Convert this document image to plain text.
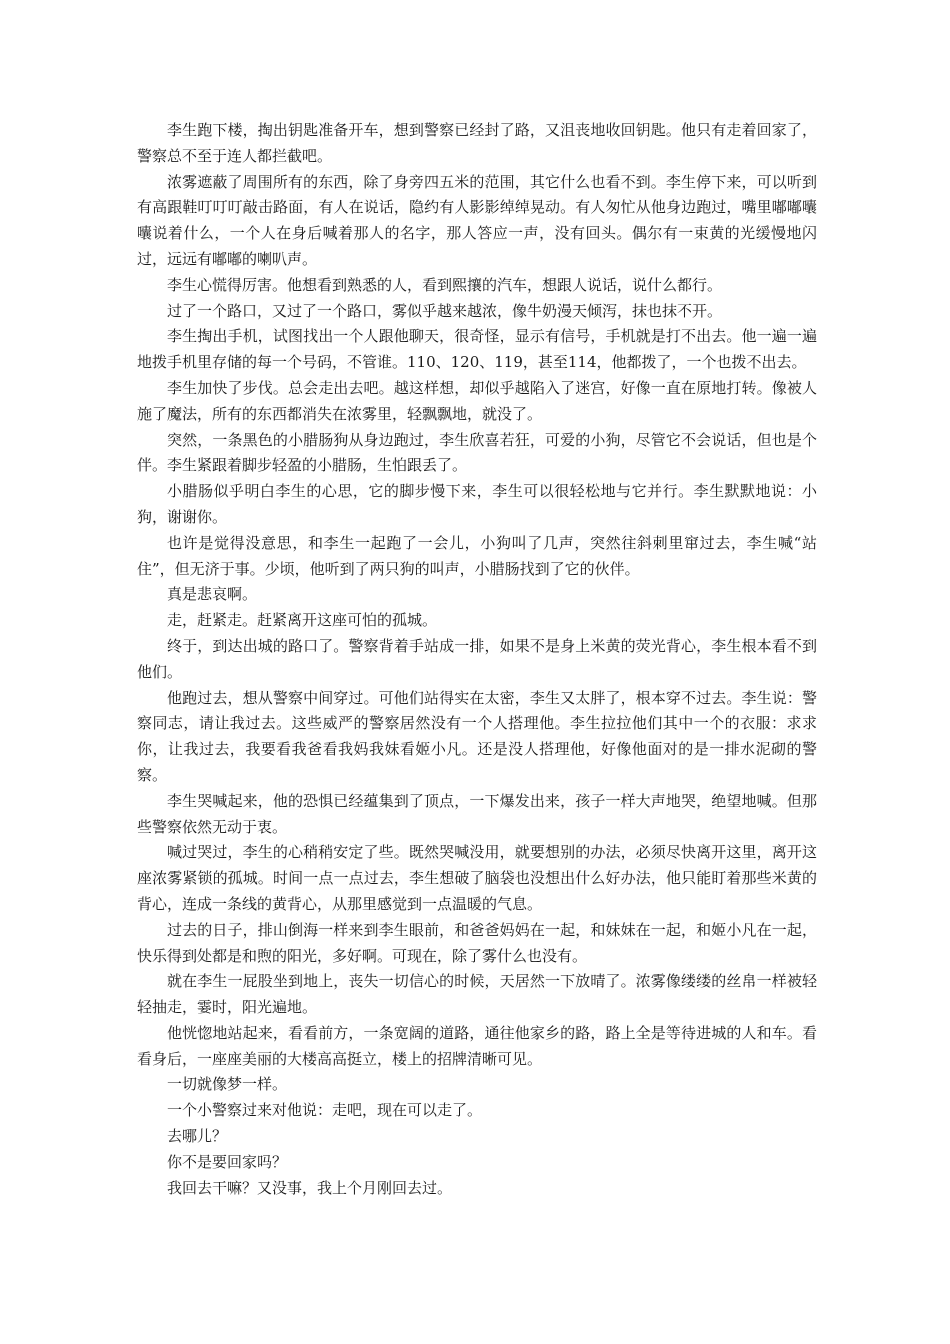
李生跑下楼，掏出钥匙准备开车，想到警察已经封了路，又沮丧地收回钥匙。他只有走着回家了，警察总不至于连人都拦截吧。

浓雾遮蔽了周围所有的东西，除了身旁四五米的范围，其它什么也看不到。李生停下来，可以听到有高跟鞋叮叮叮敲击路面，有人在说话，隐约有人影影绰绰晃动。有人匆忙从他身边跑过，嘴里嘟嘟囔囔说着什么，一个人在身后喊着那人的名字，那人答应一声，没有回头。偶尔有一束黄的光缓慢地闪过，远远有嘟嘟的喇叭声。

李生心慌得厉害。他想看到熟悉的人，看到熙攘的汽车，想跟人说话，说什么都行。

过了一个路口，又过了一个路口，雾似乎越来越浓，像牛奶漫天倾泻，抹也抹不开。

李生掏出手机，试图找出一个人跟他聊天，很奇怪，显示有信号，手机就是打不出去。他一遍一遍地拨手机里存储的每一个号码，不管谁。110、120、119，甚至114，他都拨了，一个也拨不出去。

李生加快了步伐。总会走出去吧。越这样想，却似乎越陷入了迷宫，好像一直在原地打转。像被人施了魔法，所有的东西都消失在浓雾里，轻飘飘地，就没了。

突然，一条黑色的小腊肠狗从身边跑过，李生欣喜若狂，可爱的小狗，尽管它不会说话，但也是个伴。李生紧跟着脚步轻盈的小腊肠，生怕跟丢了。

小腊肠似乎明白李生的心思，它的脚步慢下来，李生可以很轻松地与它并行。李生默默地说：小狗，谢谢你。

也许是觉得没意思，和李生一起跑了一会儿，小狗叫了几声，突然往斜刺里窜过去，李生喊“站住”，但无济于事。少顷，他听到了两只狗的叫声，小腊肠找到了它的伙伴。

真是悲哀啊。

走，赶紧走。赶紧离开这座可怕的孤城。

终于，到达出城的路口了。警察背着手站成一排，如果不是身上米黄的荧光背心，李生根本看不到他们。

他跑过去，想从警察中间穿过。可他们站得实在太密，李生又太胖了，根本穿不过去。李生说：警察同志，请让我过去。这些威严的警察居然没有一个人搭理他。李生拉拉他们其中一个的衣服：求求你，让我过去，我要看我爸看我妈我妹看姬小凡。还是没人搭理他，好像他面对的是一排水泥砌的警察。

李生哭喊起来，他的恐惧已经蕴集到了顶点，一下爆发出来，孩子一样大声地哭，绝望地喊。但那些警察依然无动于衷。

喊过哭过，李生的心稍稍安定了些。既然哭喊没用，就要想别的办法，必须尽快离开这里，离开这座浓雾紧锁的孤城。时间一点一点过去，李生想破了脑袋也没想出什么好办法，他只能盯着那些米黄的背心，连成一条线的黄背心，从那里感觉到一点温暖的气息。

过去的日子，排山倒海一样来到李生眼前，和爸爸妈妈在一起，和妹妹在一起，和姬小凡在一起，快乐得到处都是和煦的阳光，多好啊。可现在，除了雾什么也没有。

就在李生一屁股坐到地上，丧失一切信心的时候，天居然一下放晴了。浓雾像缕缕的丝帛一样被轻轻抽走，霎时，阳光遍地。

他恍惚地站起来，看看前方，一条宽阔的道路，通往他家乡的路，路上全是等待进城的人和车。看看身后，一座座美丽的大楼高高挺立，楼上的招牌清晰可见。

一切就像梦一样。

一个小警察过来对他说：走吧，现在可以走了。

去哪儿？

你不是要回家吗？

我回去干嘛？又没事，我上个月刚回去过。
